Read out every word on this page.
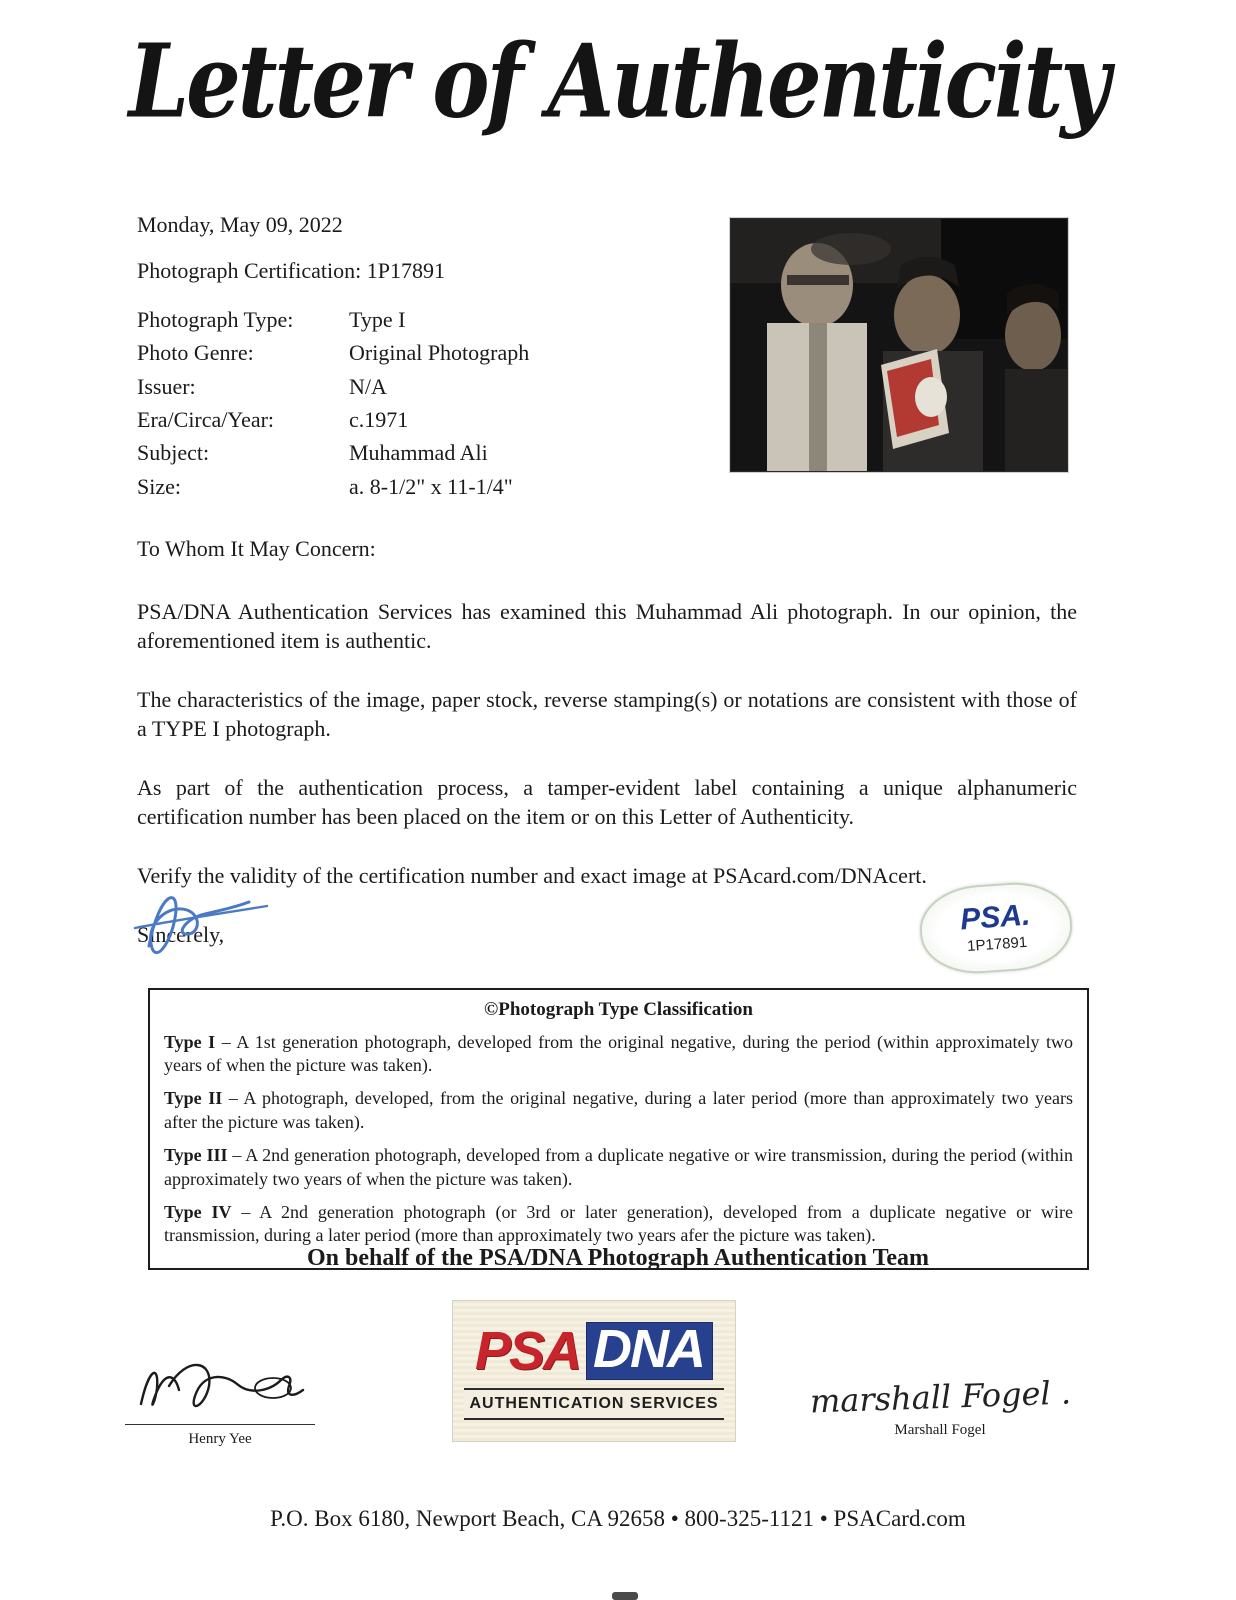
Letter of Authenticity
Monday, May 09, 2022
Photograph Certification: 1P17891
Photograph Type:	Type I
Photo Genre:	Original Photograph
Issuer:	N/A
Era/Circa/Year:	c.1971
Subject:	Muhammad Ali
Size:	a. 8-1/2" x 11-1/4"

To Whom It May Concern:

PSA/DNA Authentication Services has examined this Muhammad Ali photograph. In our opinion, the aforementioned item is authentic.

The characteristics of the image, paper stock, reverse stamping(s) or notations are consistent with those of a TYPE I photograph.

As part of the authentication process, a tamper-evident label containing a unique alphanumeric certification number has been placed on the item or on this Letter of Authenticity.

Verify the validity of the certification number and exact image at PSAcard.com/DNAcert.

Sincerely,	PSA.
1P17891
©Photograph Type Classification

Type I – A 1st generation photograph, developed from the original negative, during the period (within approximately two years of when the picture was taken).

Type II – A photograph, developed, from the original negative, during a later period (more than approximately two years after the picture was taken).

Type III – A 2nd generation photograph, developed from a duplicate negative or wire transmission, during the period (within approximately two years of when the picture was taken).

Type IV – A 2nd generation photograph (or 3rd or later generation), developed from a duplicate negative or wire transmission, during a later period (more than approximately two years afer the picture was taken).

On behalf of the PSA/DNA Photograph Authentication Team
PSA DNA
AUTHENTICATION SERVICES
Henry Yee
marshall Fogel .
Marshall Fogel
P.O. Box 6180, Newport Beach, CA 92658 • 800-325-1121 • PSACard.com
